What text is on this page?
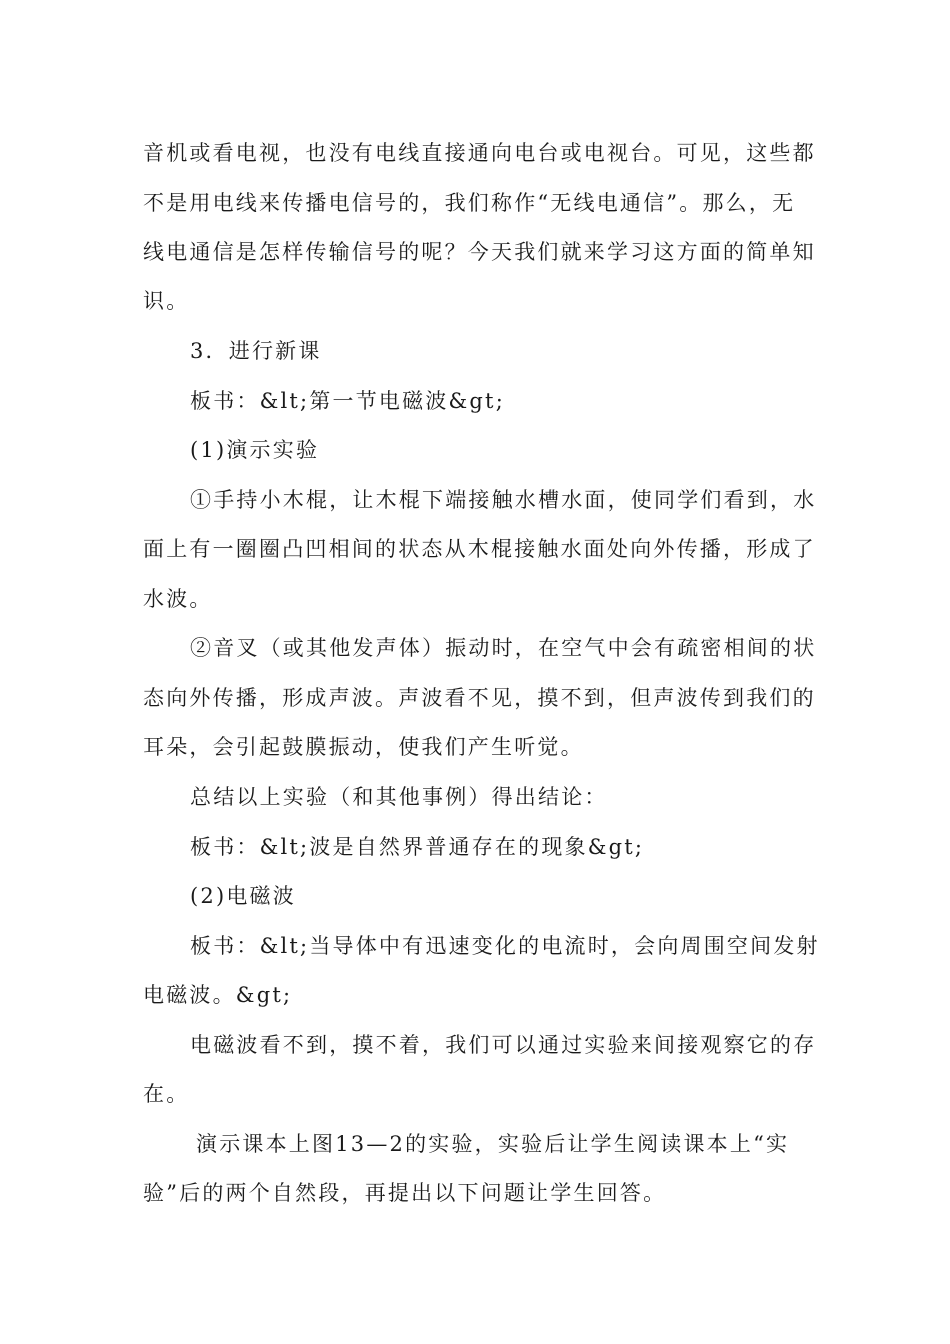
音机或看电视，也没有电线直接通向电台或电视台。可见，这些都
不是用电线来传播电信号的，我们称作“无线电通信”。那么，无
线电通信是怎样传输信号的呢？今天我们就来学习这方面的简单知
识。
3．进行新课
板书：&lt;第一节电磁波&gt;
(1)演示实验
①手持小木棍，让木棍下端接触水槽水面，使同学们看到，水
面上有一圈圈凸凹相间的状态从木棍接触水面处向外传播，形成了
水波。
②音叉（或其他发声体）振动时，在空气中会有疏密相间的状
态向外传播，形成声波。声波看不见，摸不到，但声波传到我们的
耳朵，会引起鼓膜振动，使我们产生听觉。
总结以上实验（和其他事例）得出结论：
板书：&lt;波是自然界普通存在的现象&gt;
(2)电磁波
板书：&lt;当导体中有迅速变化的电流时，会向周围空间发射
电磁波。&gt;
电磁波看不到，摸不着，我们可以通过实验来间接观察它的存
在。
演示课本上图13—2的实验，实验后让学生阅读课本上“实
验”后的两个自然段，再提出以下问题让学生回答。
